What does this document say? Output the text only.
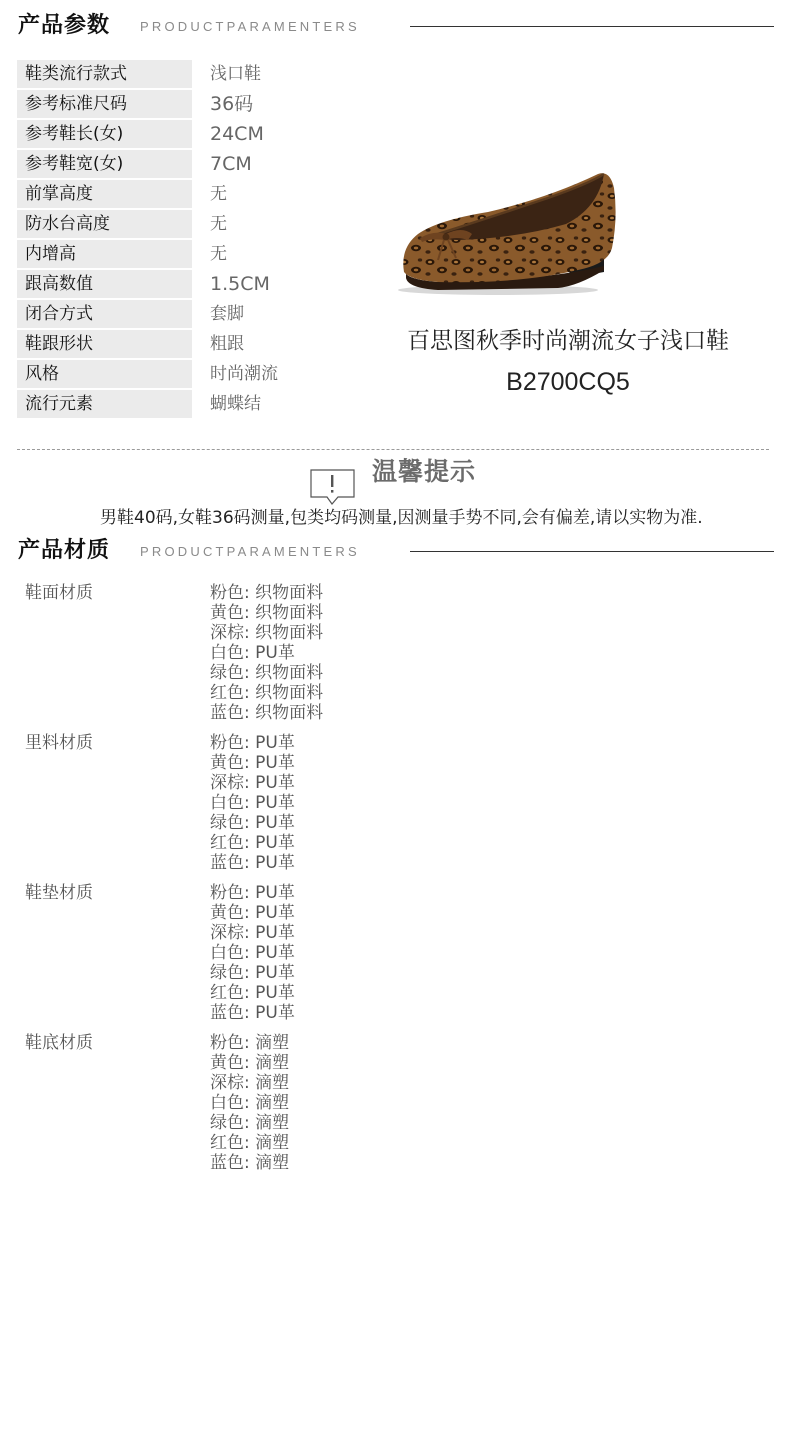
产品参数 PRODUCTPARAMENTERS
鞋类流行款式	浅口鞋
参考标准尺码	36码
参考鞋长(女)	24CM
参考鞋宽(女)	7CM
前掌高度	无
防水台高度	无
内增高	无
跟高数值	1.5CM
闭合方式	套脚
鞋跟形状	粗跟
风格	时尚潮流
流行元素	蝴蝶结
百思图秋季时尚潮流女子浅口鞋
B2700CQ5
温馨提示
男鞋40码,女鞋36码测量,包类均码测量,因测量手势不同,会有偏差,请以实物为准.
产品材质 PRODUCTPARAMENTERS
鞋面材质	粉色: 织物面料
黄色: 织物面料
深棕: 织物面料
白色: PU革
绿色: 织物面料
红色: 织物面料
蓝色: 织物面料
里料材质	粉色: PU革
黄色: PU革
深棕: PU革
白色: PU革
绿色: PU革
红色: PU革
蓝色: PU革
鞋垫材质	粉色: PU革
黄色: PU革
深棕: PU革
白色: PU革
绿色: PU革
红色: PU革
蓝色: PU革
鞋底材质	粉色: 滴塑
黄色: 滴塑
深棕: 滴塑
白色: 滴塑
绿色: 滴塑
红色: 滴塑
蓝色: 滴塑
